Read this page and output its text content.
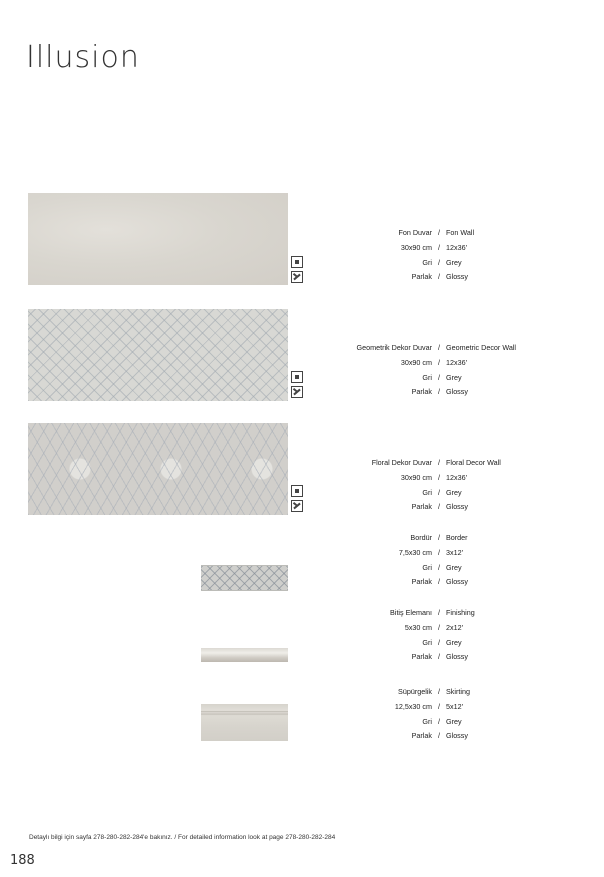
Illusion
Fon Duvar / Fon Wall
30x90 cm / 12x36'
Gri / Grey
Parlak / Glossy
Geometrik Dekor Duvar / Geometric Decor Wall
30x90 cm / 12x36'
Gri / Grey
Parlak / Glossy
Floral Dekor Duvar / Floral Decor Wall
30x90 cm / 12x36'
Gri / Grey
Parlak / Glossy
Bordür / Border
7,5x30 cm / 3x12'
Gri / Grey
Parlak / Glossy
Bitiş Elemanı / Finishing
5x30 cm / 2x12'
Gri / Grey
Parlak / Glossy
Süpürgelik / Skirting
12,5x30 cm / 5x12'
Gri / Grey
Parlak / Glossy
Detaylı bilgi için sayfa 278-280-282-284'e bakınız. / For detailed information look at page 278-280-282-284
188
